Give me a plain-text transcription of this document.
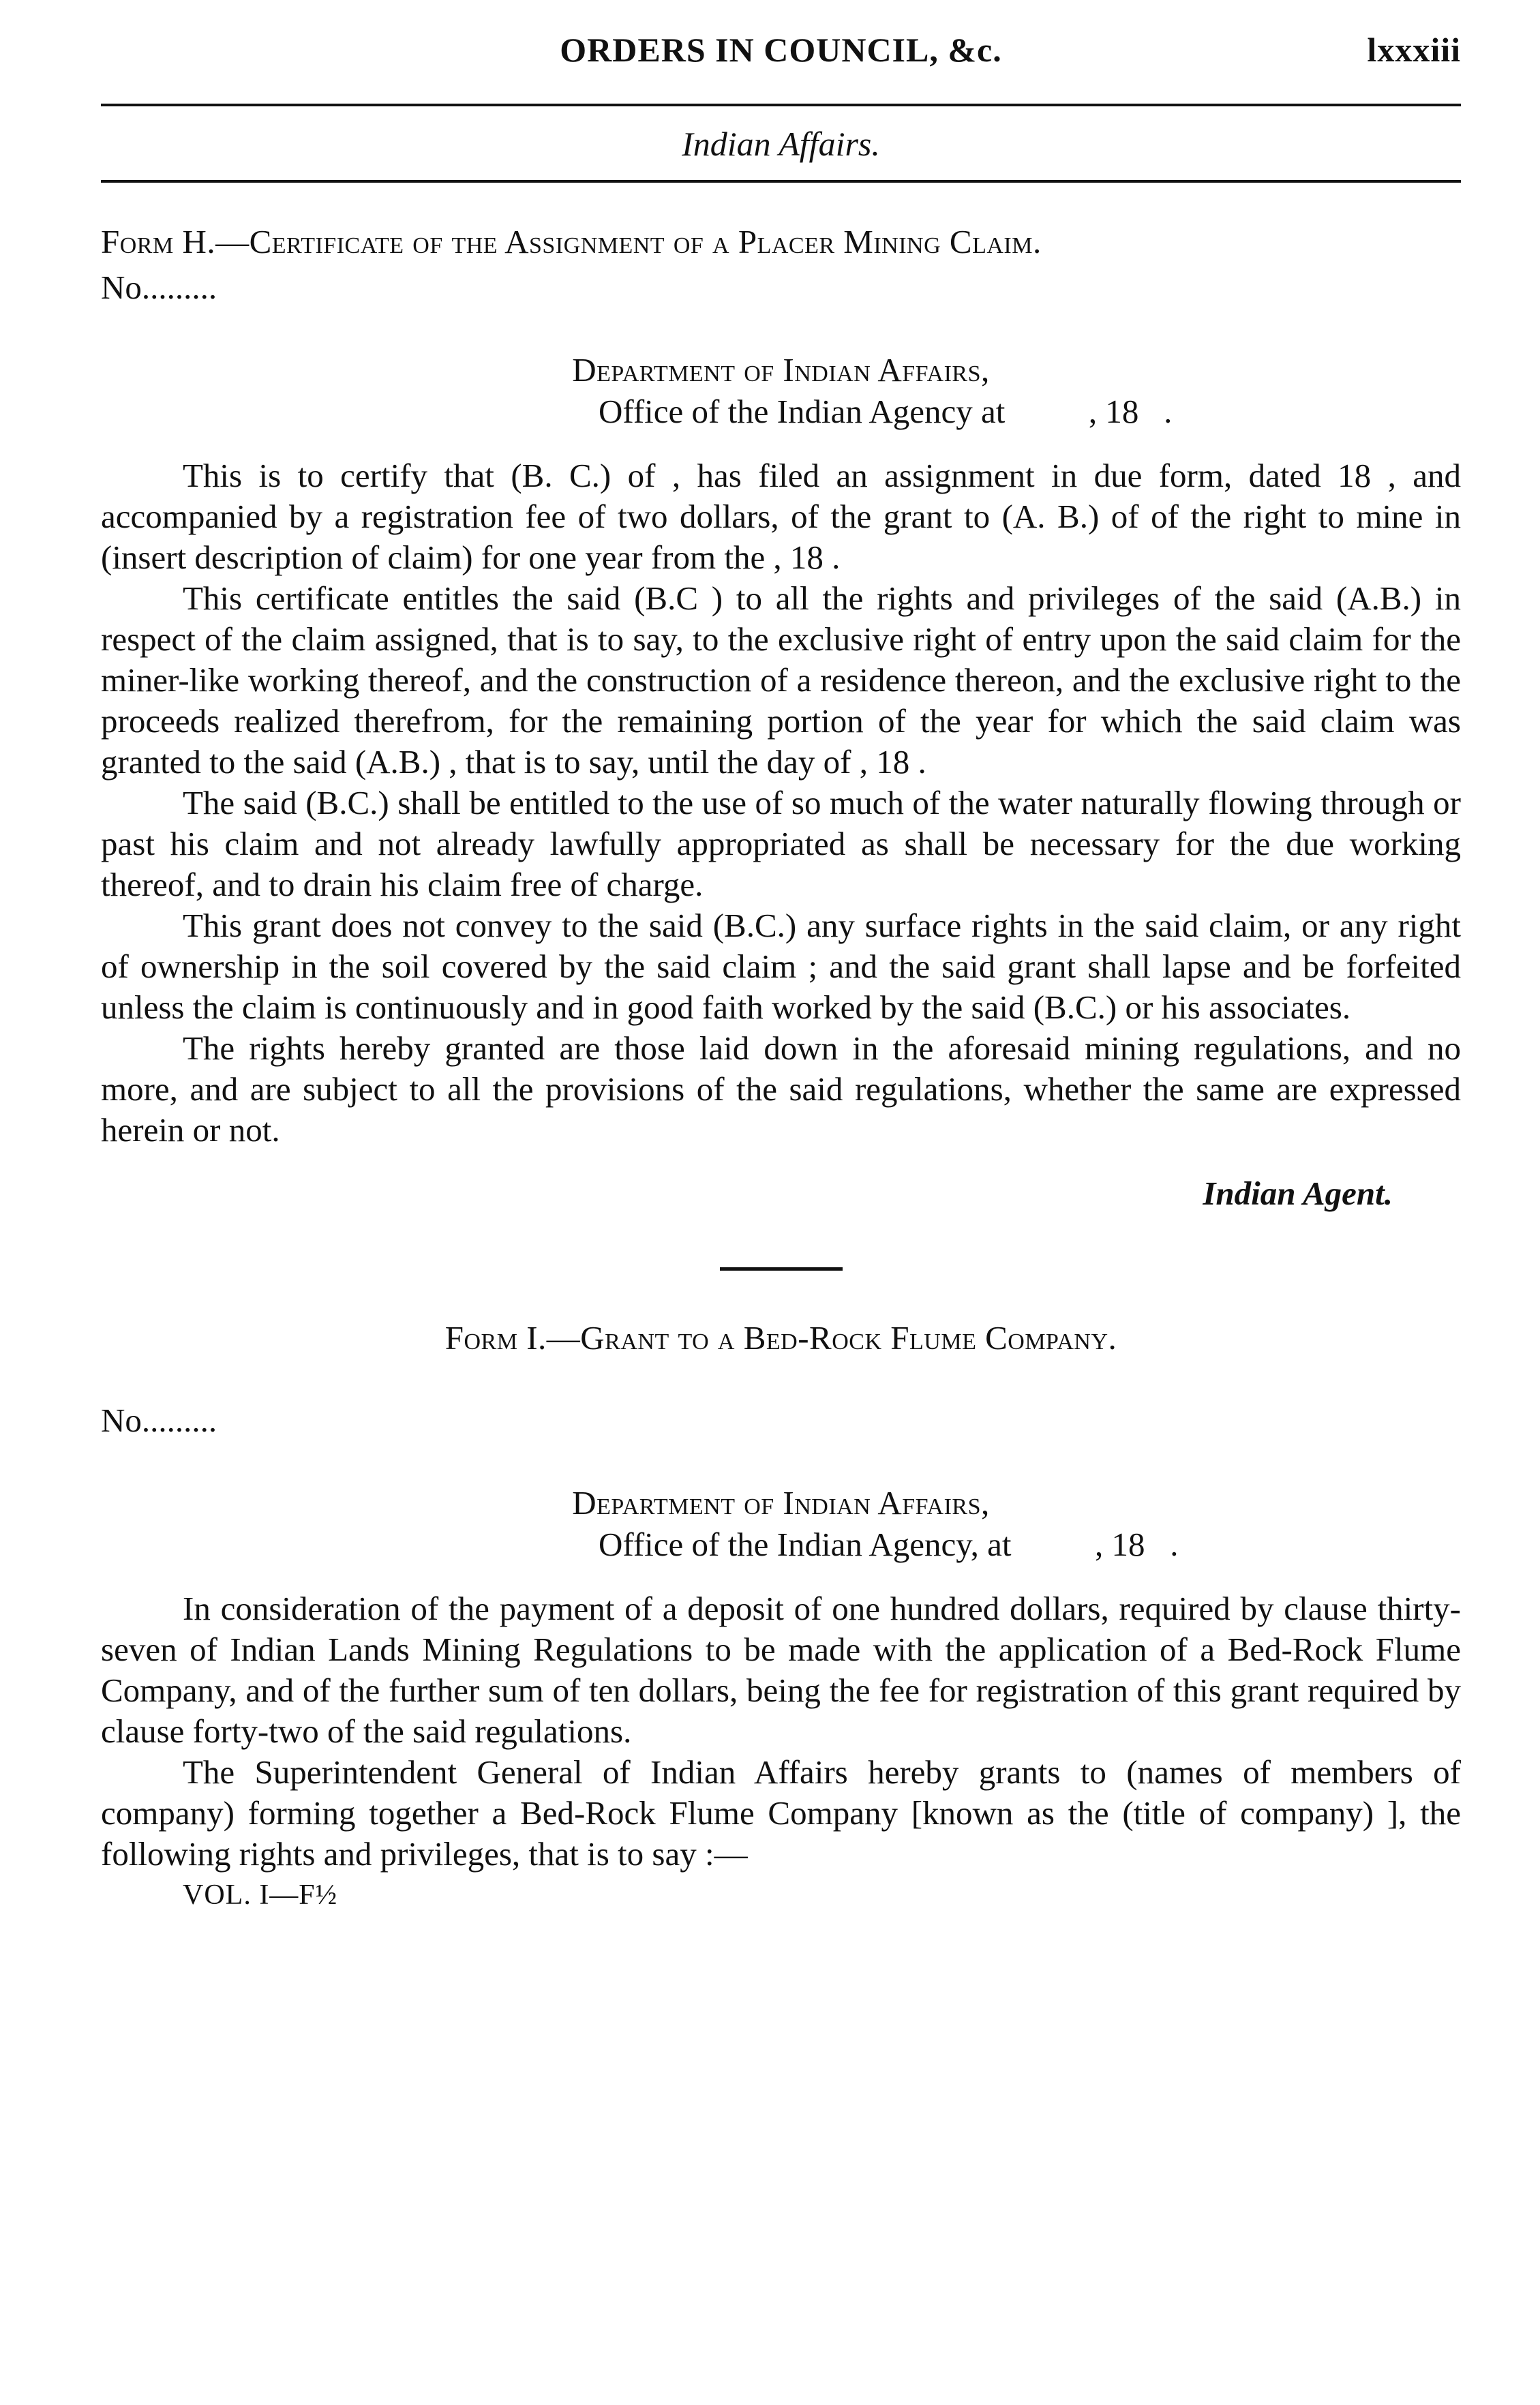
ORDERS IN COUNCIL, &c.	lxxxiii
Indian Affairs.
Form H.—Certificate of the Assignment of a Placer Mining Claim.
No.........
Department of Indian Affairs,
Office of the Indian Agency at          , 18   .

This is to certify that (B. C.) of , has filed an assignment in due form, dated 18 , and accompanied by a registration fee of two dollars, of the grant to (A. B.) of of the right to mine in (insert description of claim) for one year from the , 18 .

This certificate entitles the said (B.C ) to all the rights and privileges of the said (A.B.) in respect of the claim assigned, that is to say, to the exclusive right of entry upon the said claim for the miner-like working thereof, and the construction of a residence thereon, and the exclusive right to the proceeds realized therefrom, for the remaining portion of the year for which the said claim was granted to the said (A.B.) , that is to say, until the day of , 18 .

The said (B.C.) shall be entitled to the use of so much of the water naturally flowing through or past his claim and not already lawfully appropriated as shall be necessary for the due working thereof, and to drain his claim free of charge.

This grant does not convey to the said (B.C.) any surface rights in the said claim, or any right of ownership in the soil covered by the said claim ; and the said grant shall lapse and be forfeited unless the claim is continuously and in good faith worked by the said (B.C.) or his associates.

The rights hereby granted are those laid down in the aforesaid mining regulations, and no more, and are subject to all the provisions of the said regulations, whether the same are expressed herein or not.

Indian Agent.
Form I.—Grant to a Bed-Rock Flume Company.
No.........
Department of Indian Affairs,
Office of the Indian Agency, at          , 18   .

In consideration of the payment of a deposit of one hundred dollars, required by clause thirty-seven of Indian Lands Mining Regulations to be made with the application of a Bed-Rock Flume Company, and of the further sum of ten dollars, being the fee for registration of this grant required by clause forty-two of the said regulations.

The Superintendent General of Indian Affairs hereby grants to (names of members of company) forming together a Bed-Rock Flume Company [known as the (title of company) ], the following rights and privileges, that is to say :—

VOL. I—F½
